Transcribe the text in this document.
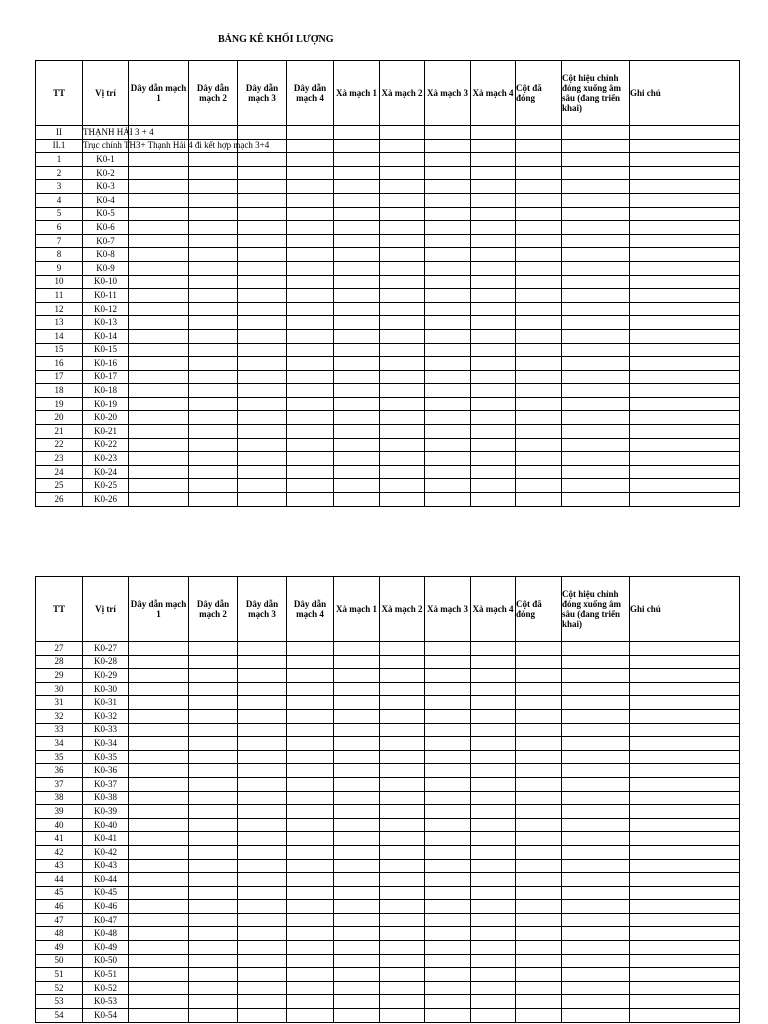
BẢNG KÊ KHỐI LƯỢNG
TT	Vị trí	Dây dẫn mạch 1	Dây dẫn mạch 2	Dây dẫn mạch 3	Dây dẫn mạch 4	Xà mạch 1	Xà mạch 2	Xà mạch 3	Xà mạch 4	Cột đã đóng	Cột hiệu chỉnh đóng xuống âm sâu (đang triển khai)	Ghi chú
II	THẠNH HẢI 3 + 4											
II.1	Trục chính TH3+ Thạnh Hải 4 đi kết hợp mạch 3+4											
1	K0-1											
2	K0-2											
3	K0-3											
4	K0-4											
5	K0-5											
6	K0-6											
7	K0-7											
8	K0-8											
9	K0-9											
10	K0-10											
11	K0-11											
12	K0-12											
13	K0-13											
14	K0-14											
15	K0-15											
16	K0-16											
17	K0-17											
18	K0-18											
19	K0-19											
20	K0-20											
21	K0-21											
22	K0-22											
23	K0-23											
24	K0-24											
25	K0-25											
26	K0-26											
TT	Vị trí	Dây dẫn mạch 1	Dây dẫn mạch 2	Dây dẫn mạch 3	Dây dẫn mạch 4	Xà mạch 1	Xà mạch 2	Xà mạch 3	Xà mạch 4	Cột đã đóng	Cột hiệu chỉnh đóng xuống âm sâu (đang triển khai)	Ghi chú
27	K0-27											
28	K0-28											
29	K0-29											
30	K0-30											
31	K0-31											
32	K0-32											
33	K0-33											
34	K0-34											
35	K0-35											
36	K0-36											
37	K0-37											
38	K0-38											
39	K0-39											
40	K0-40											
41	K0-41											
42	K0-42											
43	K0-43											
44	K0-44											
45	K0-45											
46	K0-46											
47	K0-47											
48	K0-48											
49	K0-49											
50	K0-50											
51	K0-51											
52	K0-52											
53	K0-53											
54	K0-54											
